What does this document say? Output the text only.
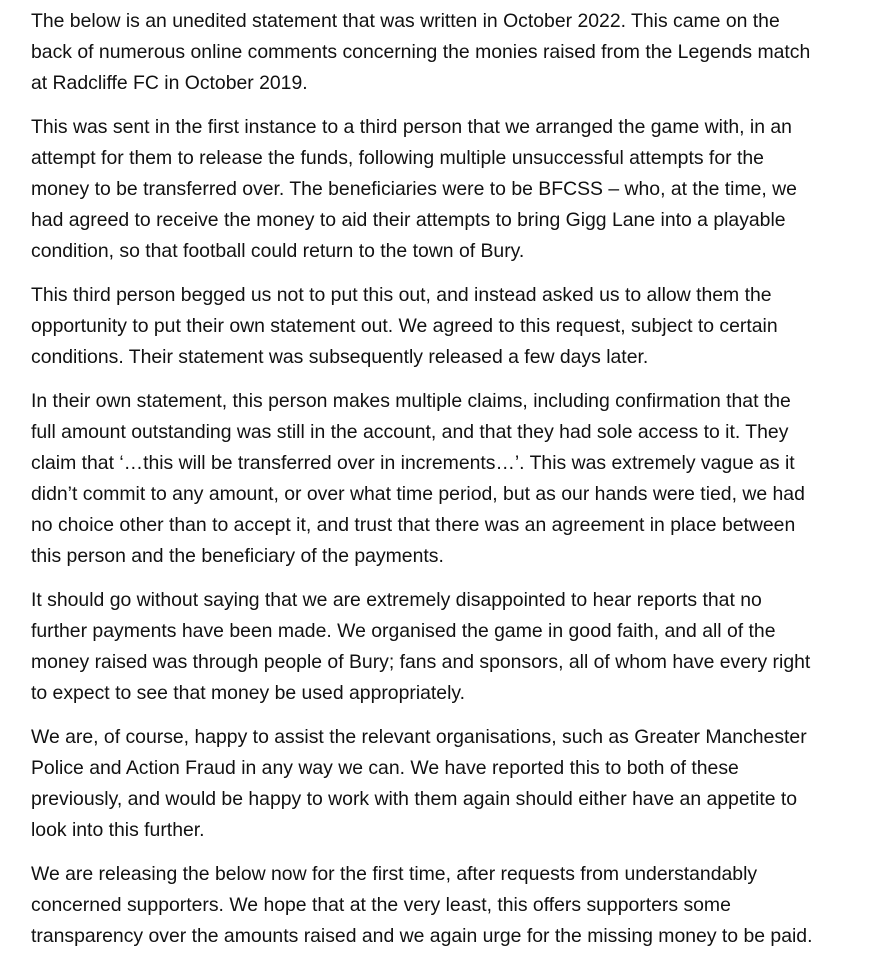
The below is an unedited statement that was written in October 2022. This came on the
back of numerous online comments concerning the monies raised from the Legends match
at Radcliffe FC in October 2019.

This was sent in the first instance to a third person that we arranged the game with, in an
attempt for them to release the funds, following multiple unsuccessful attempts for the
money to be transferred over. The beneficiaries were to be BFCSS – who, at the time, we
had agreed to receive the money to aid their attempts to bring Gigg Lane into a playable
condition, so that football could return to the town of Bury.

This third person begged us not to put this out, and instead asked us to allow them the
opportunity to put their own statement out. We agreed to this request, subject to certain
conditions. Their statement was subsequently released a few days later.

In their own statement, this person makes multiple claims, including confirmation that the
full amount outstanding was still in the account, and that they had sole access to it. They
claim that ‘…this will be transferred over in increments…’. This was extremely vague as it
didn’t commit to any amount, or over what time period, but as our hands were tied, we had
no choice other than to accept it, and trust that there was an agreement in place between
this person and the beneficiary of the payments.

It should go without saying that we are extremely disappointed to hear reports that no
further payments have been made. We organised the game in good faith, and all of the
money raised was through people of Bury; fans and sponsors, all of whom have every right
to expect to see that money be used appropriately.

We are, of course, happy to assist the relevant organisations, such as Greater Manchester
Police and Action Fraud in any way we can. We have reported this to both of these
previously, and would be happy to work with them again should either have an appetite to
look into this further.

We are releasing the below now for the first time, after requests from understandably
concerned supporters. We hope that at the very least, this offers supporters some
transparency over the amounts raised and we again urge for the missing money to be paid.
